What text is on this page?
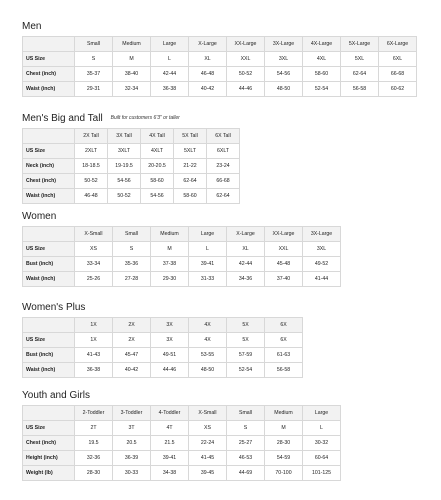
Men
	Small	Medium	Large	X-Large	XX-Large	3X-Large	4X-Large	5X-Large	6X-Large
US Size	S	M	L	XL	XXL	3XL	4XL	5XL	6XL
Chest (inch)	35-37	38-40	42-44	46-48	50-52	54-56	58-60	62-64	66-68
Waist (inch)	29-31	32-34	36-38	40-42	44-46	48-50	52-54	56-58	60-62
Men's Big and Tall Built for customers 6'3" or taller
	2X Tall	3X Tall	4X Tall	5X Tall	6X Tall
US Size	2XLT	3XLT	4XLT	5XLT	6XLT
Neck (inch)	18-18.5	19-19.5	20-20.5	21-22	23-24
Chest (inch)	50-52	54-56	58-60	62-64	66-68
Waist (inch)	46-48	50-52	54-56	58-60	62-64
Women
	X-Small	Small	Medium	Large	X-Large	XX-Large	3X-Large
US Size	XS	S	M	L	XL	XXL	3XL
Bust (inch)	33-34	35-36	37-38	39-41	42-44	45-48	49-52
Waist (inch)	25-26	27-28	29-30	31-33	34-36	37-40	41-44
Women's Plus
	1X	2X	3X	4X	5X	6X
US Size	1X	2X	3X	4X	5X	6X
Bust (inch)	41-43	45-47	49-51	53-55	57-59	61-63
Waist (inch)	36-38	40-42	44-46	48-50	52-54	56-58
Youth and Girls
	2-Toddler	3-Toddler	4-Toddler	X-Small	Small	Medium	Large
US Size	2T	3T	4T	XS	S	M	L
Chest (inch)	19.5	20.5	21.5	22-24	25-27	28-30	30-32
Height (inch)	32-36	36-39	39-41	41-45	46-53	54-59	60-64
Weight (lb)	28-30	30-33	34-38	39-45	44-69	70-100	101-125
